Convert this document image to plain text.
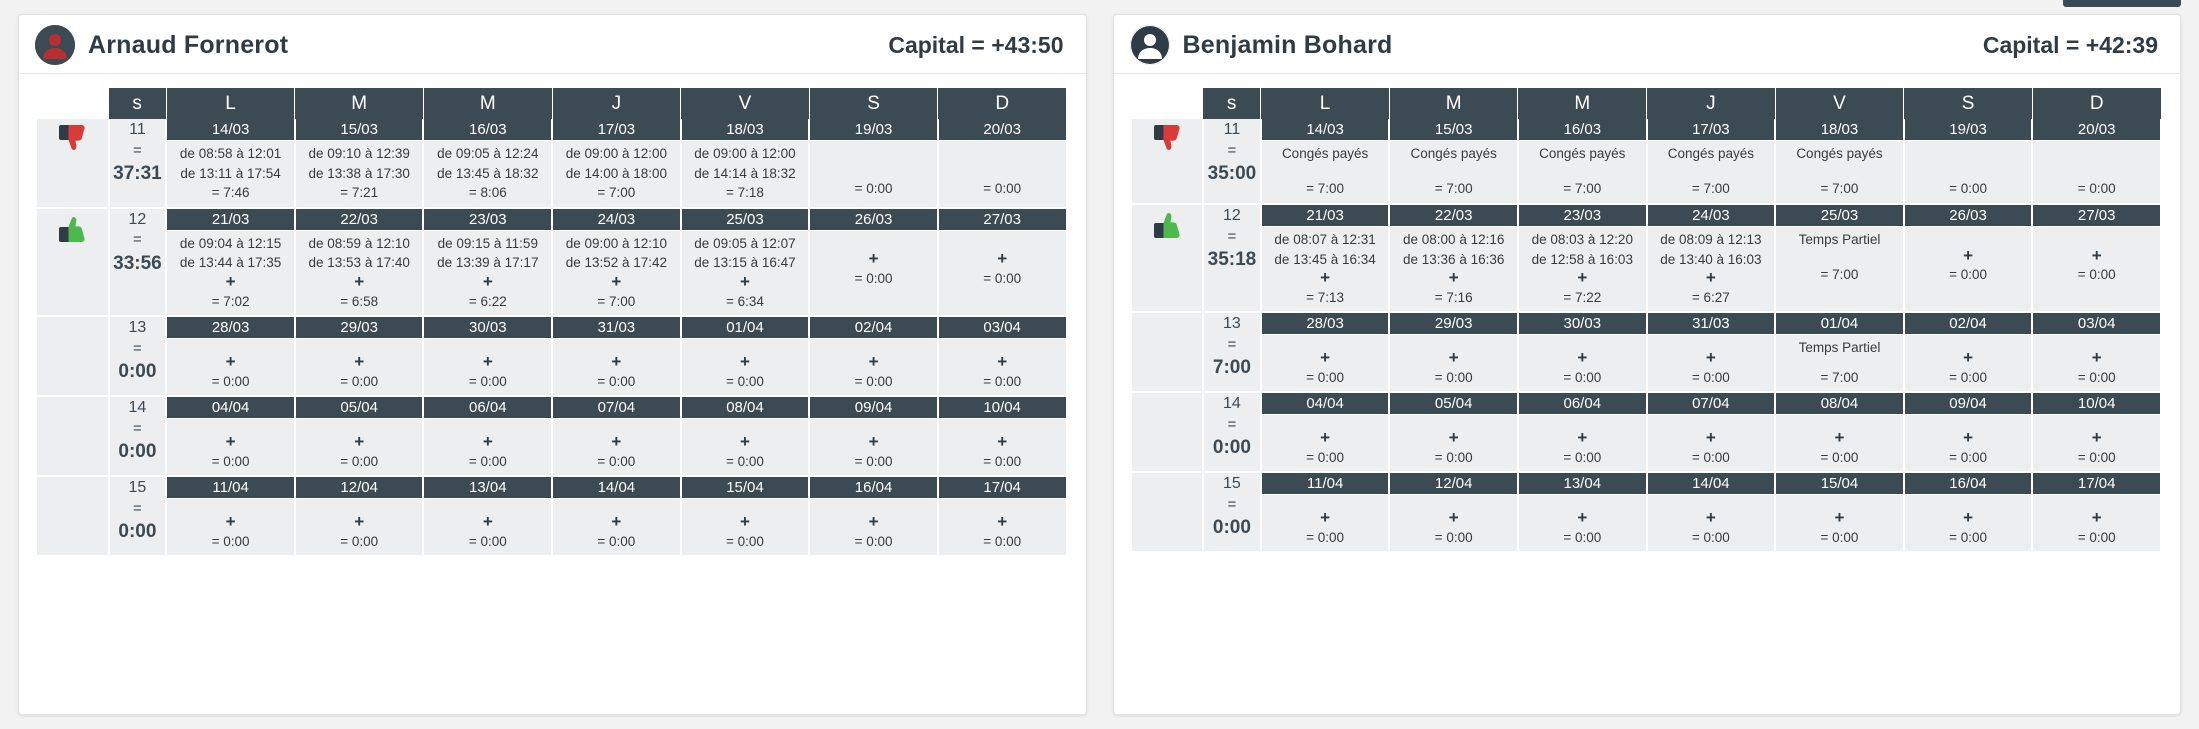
Arnaud Fornerot	Capital = +43:50
	s	L	M	M	J	V	S	D

11
=
37:31

14/03
de 08:58 à 12:01
de 13:11 à 17:54
= 7:46

15/03
de 09:10 à 12:39
de 13:38 à 17:30
= 7:21

16/03
de 09:05 à 12:24
de 13:45 à 18:32
= 8:06

17/03
de 09:00 à 12:00
de 14:00 à 18:00
= 7:00

18/03
de 09:00 à 12:00
de 14:14 à 18:32
= 7:18

19/03
= 0:00

20/03
= 0:00

12
=
33:56

21/03
de 09:04 à 12:15
de 13:44 à 17:35
+
= 7:02

22/03
de 08:59 à 12:10
de 13:53 à 17:40
+
= 6:58

23/03
de 09:15 à 11:59
de 13:39 à 17:17
+
= 6:22

24/03
de 09:00 à 12:10
de 13:52 à 17:42
+
= 7:00

25/03
de 09:05 à 12:07
de 13:15 à 16:47
+
= 6:34

26/03
+
= 0:00

27/03
+
= 0:00

13
=
0:00

28/03
+
= 0:00

29/03
+
= 0:00

30/03
+
= 0:00

31/03
+
= 0:00

01/04
+
= 0:00

02/04
+
= 0:00

03/04
+
= 0:00

14
=
0:00

04/04
+
= 0:00

05/04
+
= 0:00

06/04
+
= 0:00

07/04
+
= 0:00

08/04
+
= 0:00

09/04
+
= 0:00

10/04
+
= 0:00

15
=
0:00

11/04
+
= 0:00

12/04
+
= 0:00

13/04
+
= 0:00

14/04
+
= 0:00

15/04
+
= 0:00

16/04
+
= 0:00

17/04
+
= 0:00
Benjamin Bohard	Capital = +42:39
	s	L	M	M	J	V	S	D

11
=
35:00

14/03
Congés payés
= 7:00

15/03
Congés payés
= 7:00

16/03
Congés payés
= 7:00

17/03
Congés payés
= 7:00

18/03
Congés payés
= 7:00

19/03
= 0:00

20/03
= 0:00

12
=
35:18

21/03
de 08:07 à 12:31
de 13:45 à 16:34
+
= 7:13

22/03
de 08:00 à 12:16
de 13:36 à 16:36
+
= 7:16

23/03
de 08:03 à 12:20
de 12:58 à 16:03
+
= 7:22

24/03
de 08:09 à 12:13
de 13:40 à 16:03
+
= 6:27

25/03
Temps Partiel
= 7:00

26/03
+
= 0:00

27/03
+
= 0:00

13
=
7:00

28/03
+
= 0:00

29/03
+
= 0:00

30/03
+
= 0:00

31/03
+
= 0:00

01/04
Temps Partiel
= 7:00

02/04
+
= 0:00

03/04
+
= 0:00

14
=
0:00

04/04
+
= 0:00

05/04
+
= 0:00

06/04
+
= 0:00

07/04
+
= 0:00

08/04
+
= 0:00

09/04
+
= 0:00

10/04
+
= 0:00

15
=
0:00

11/04
+
= 0:00

12/04
+
= 0:00

13/04
+
= 0:00

14/04
+
= 0:00

15/04
+
= 0:00

16/04
+
= 0:00

17/04
+
= 0:00
